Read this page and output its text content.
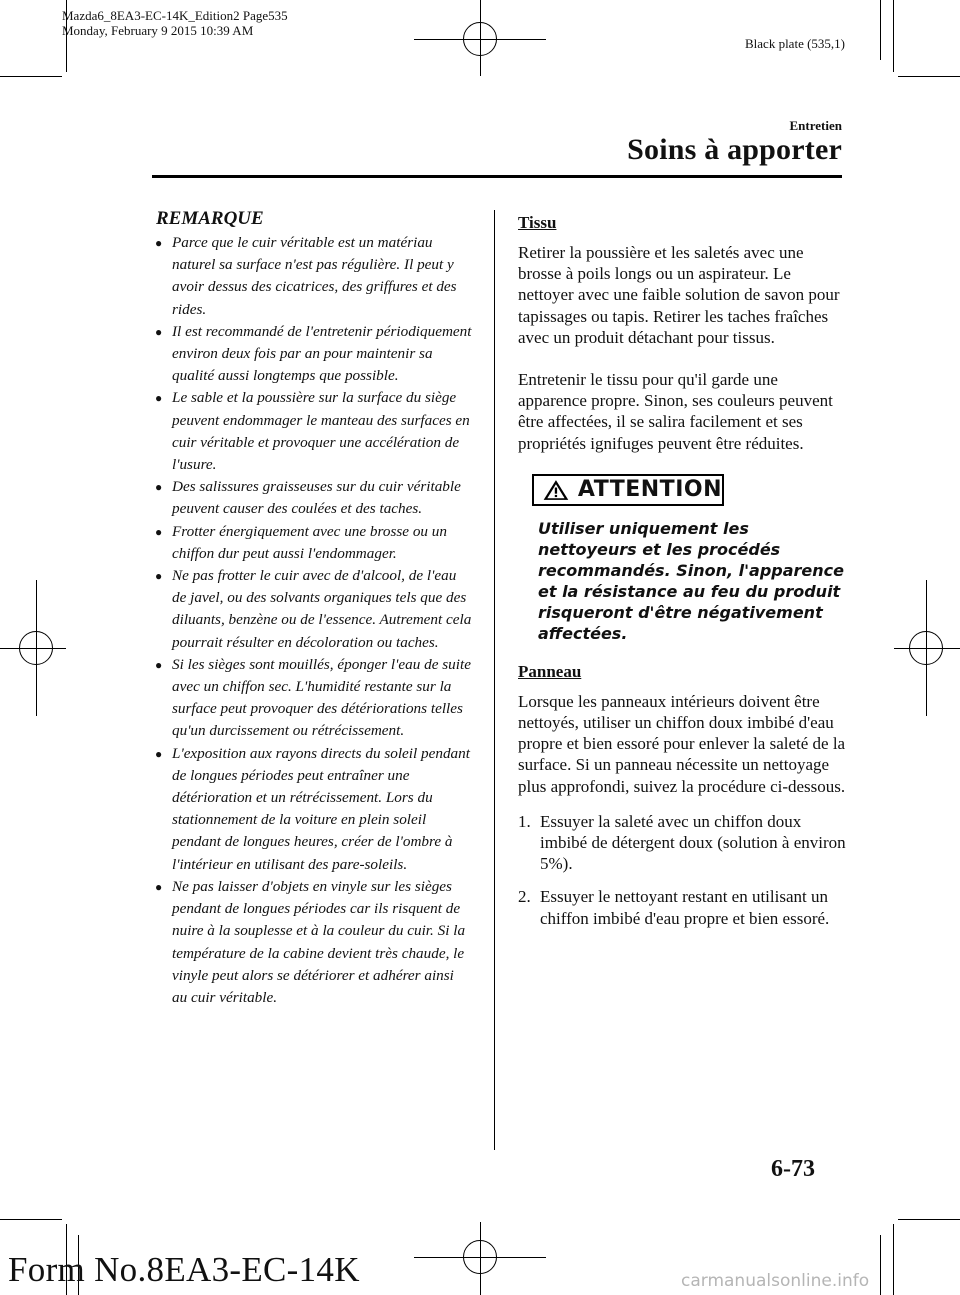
Mazda6_8EA3-EC-14K_Edition2 Page535
Monday, February 9 2015 10:39 AM
Black plate (535,1)
Entretien
Soins à apporter
REMARQUE
● Parce que le cuir véritable est un matériau naturel sa surface n'est pas régulière. Il peut y avoir dessus des cicatrices, des griffures et des rides.
● Il est recommandé de l'entretenir périodiquement environ deux fois par an pour maintenir sa qualité aussi longtemps que possible.
● Le sable et la poussière sur la surface du siège peuvent endommager le manteau des surfaces en cuir véritable et provoquer une accélération de l'usure.
● Des salissures graisseuses sur du cuir véritable peuvent causer des coulées et des taches.
● Frotter énergiquement avec une brosse ou un chiffon dur peut aussi l'endommager.
● Ne pas frotter le cuir avec de d'alcool, de l'eau de javel, ou des solvants organiques tels que des diluants, benzène ou de l'essence. Autrement cela pourrait résulter en décoloration ou taches.
● Si les sièges sont mouillés, éponger l'eau de suite avec un chiffon sec. L'humidité restante sur la surface peut provoquer des détériorations telles qu'un durcissement ou rétrécissement.
● L'exposition aux rayons directs du soleil pendant de longues périodes peut entraîner une détérioration et un rétrécissement. Lors du stationnement de la voiture en plein soleil pendant de longues heures, créer de l'ombre à l'intérieur en utilisant des pare-soleils.
● Ne pas laisser d'objets en vinyle sur les sièges pendant de longues périodes car ils risquent de nuire à la souplesse et à la couleur du cuir. Si la température de la cabine devient très chaude, le vinyle peut alors se détériorer et adhérer ainsi au cuir véritable.
Tissu

Retirer la poussière et les saletés avec une brosse à poils longs ou un aspirateur. Le nettoyer avec une faible solution de savon pour tapissages ou tapis. Retirer les taches fraîches avec un produit détachant pour tissus.

Entretenir le tissu pour qu'il garde une apparence propre. Sinon, ses couleurs peuvent être affectées, il se salira facilement et ses propriétés ignifuges peuvent être réduites.

ATTENTION
Utiliser uniquement les nettoyeurs et les procédés recommandés. Sinon, l'apparence et la résistance au feu du produit risqueront d'être négativement affectées.
Panneau

Lorsque les panneaux intérieurs doivent être nettoyés, utiliser un chiffon doux imbibé d'eau propre et bien essoré pour enlever la saleté de la surface. Si un panneau nécessite un nettoyage plus approfondi, suivez la procédure ci-dessous.

1. Essuyer la saleté avec un chiffon doux imbibé de détergent doux (solution à environ 5%).
2. Essuyer le nettoyant restant en utilisant un chiffon imbibé d'eau propre et bien essoré.
6-73
Form No.8EA3-EC-14K	carmanualsonline.info
